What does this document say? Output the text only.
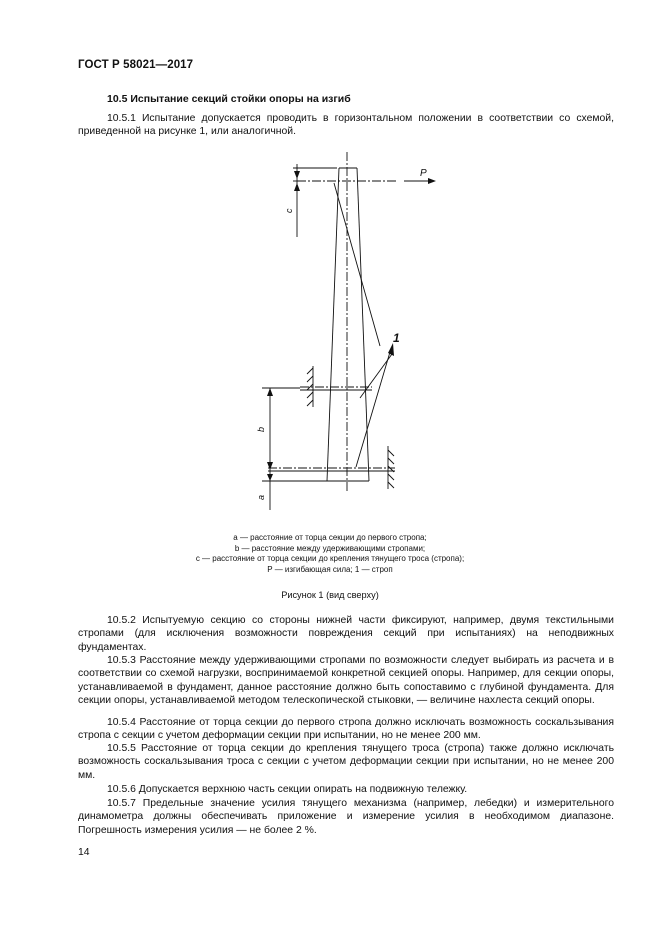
ГОСТ Р 58021—2017
10.5 Испытание секций стойки опоры на изгиб

10.5.1 Испытание допускается проводить в горизонтальном положении в соответствии со схемой, приведенной на рисунке 1, или аналогичной.

P
c
b
a
1
a — расстояние от торца секции до первого стропа;
b — расстояние между удерживающими стропами;
c — расстояние от торца секции до крепления тянущего троса (стропа);
P — изгибающая сила; 1 — строп
Рисунок 1 (вид сверху)

10.5.2 Испытуемую секцию со стороны нижней части фиксируют, например, двумя текстильными стропами (для исключения возможности повреждения секций при испытаниях) на неподвижных фундаментах.

10.5.3 Расстояние между удерживающими стропами по возможности следует выбирать из расчета и в соответствии со схемой нагрузки, воспринимаемой конкретной секцией опоры. Например, для секции опоры, устанавливаемой в фундамент, данное расстояние должно быть сопоставимо с глубиной фундамента. Для секции опоры, устанавливаемой методом телескопической стыковки, — величине нахлеста секций опоры.

10.5.4 Расстояние от торца секции до первого стропа должно исключать возможность соскальзывания стропа с секции с учетом деформации секции при испытании, но не менее 200 мм.

10.5.5 Расстояние от торца секции до крепления тянущего троса (стропа) также должно исключать возможность соскальзывания троса с секции с учетом деформации секции при испытании, но не менее 200 мм.

10.5.6 Допускается верхнюю часть секции опирать на подвижную тележку.

10.5.7 Предельные значение усилия тянущего механизма (например, лебедки) и измерительного динамометра должны обеспечивать приложение и измерение усилия в необходимом диапазоне. Погрешность измерения усилия — не более 2 %.

14
